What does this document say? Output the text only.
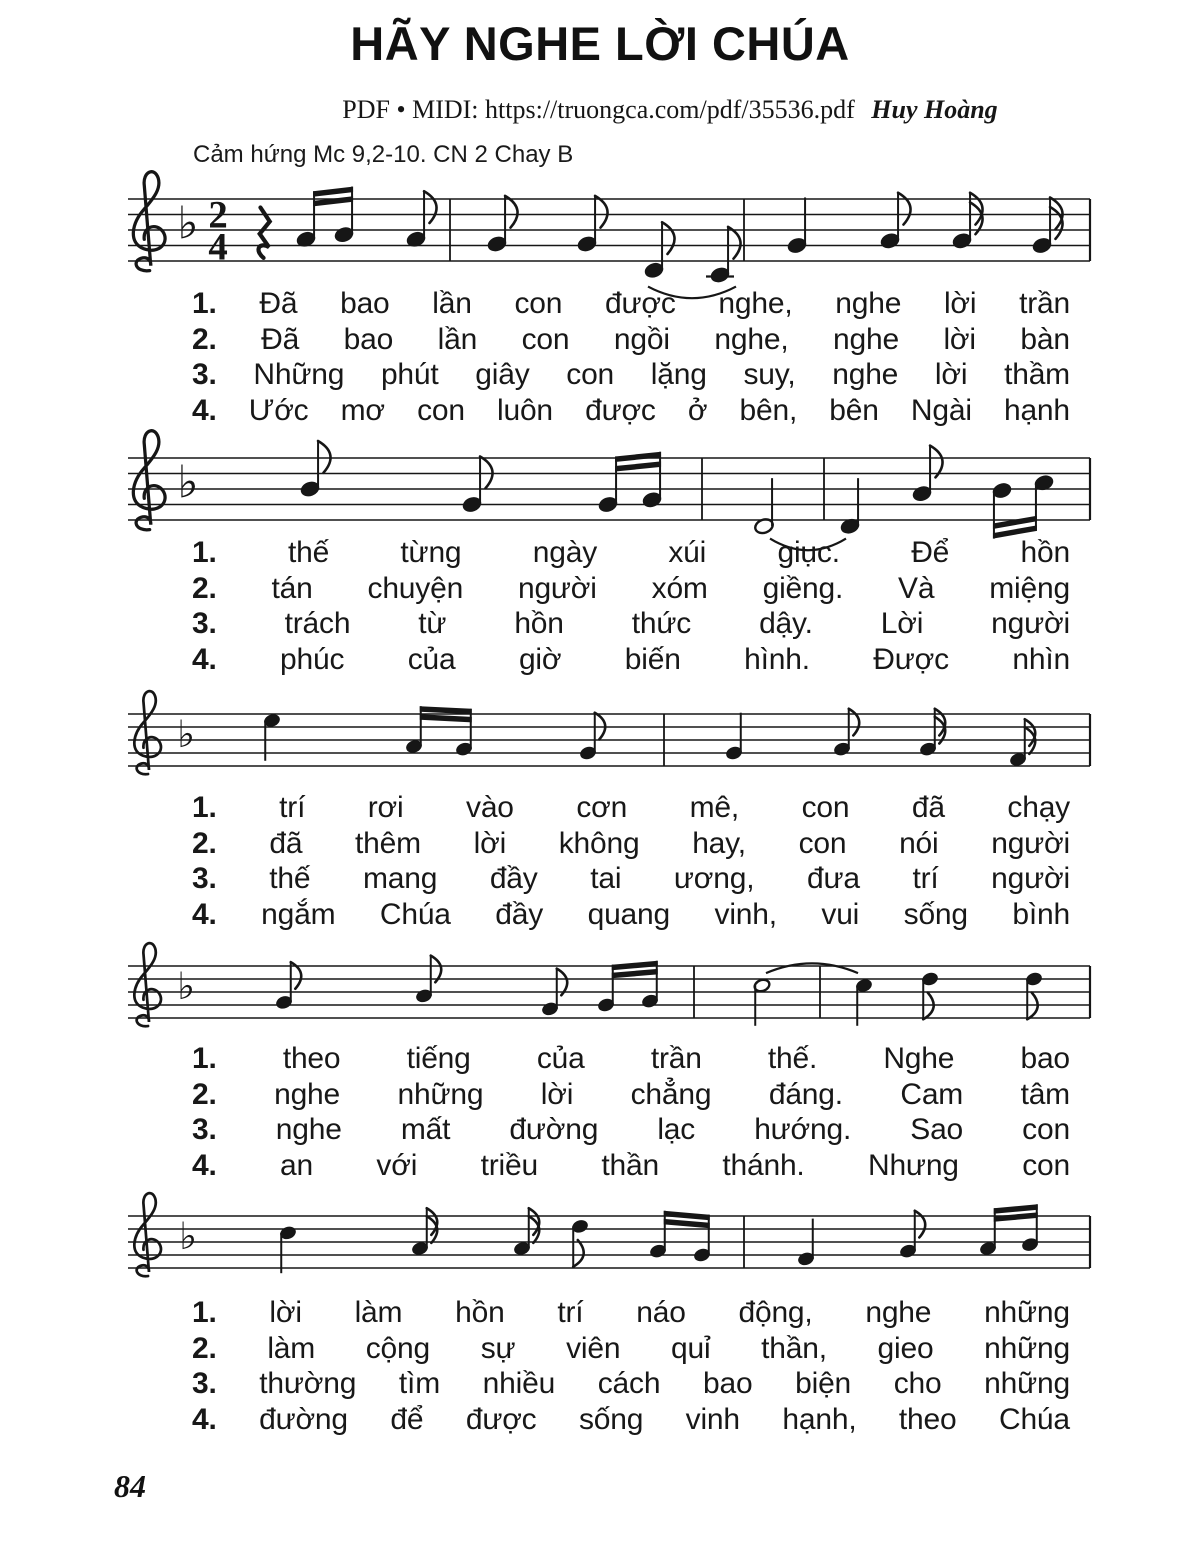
HÃY NGHE LỜI CHÚA
PDF • MIDI: https://truongca.com/pdf/35536.pdf Huy Hoàng
Cảm hứng Mc 9,2-10. CN 2 Chay B
♭ 2
4
♭
♭
♭
♭
84
1. Đã bao lần con được nghe, nghe lời trần
2. Đã bao lần con ngồi nghe, nghe lời bàn
3. Những phút giây con lặng suy, nghe lời thầm
4. Ước mơ con luôn được ở bên, bên Ngài hạnh
1. thế từng ngày xúi giục. Để hồn
2. tán chuyện người xóm giềng. Và miệng
3. trách từ hồn thức dậy. Lời người
4. phúc của giờ biến hình. Được nhìn
1. trí rơi vào cơn mê, con đã chạy
2. đã thêm lời không hay, con nói người
3. thế mang đầy tai ương, đưa trí người
4. ngắm Chúa đầy quang vinh, vui sống bình
1. theo tiếng của trần thế. Nghe bao
2. nghe những lời chẳng đáng. Cam tâm
3. nghe mất đường lạc hướng. Sao con
4. an với triều thần thánh. Nhưng con
1. lời làm hồn trí náo động, nghe những
2. làm cộng sự viên quỉ thần, gieo những
3. thường tìm nhiều cách bao biện cho những
4. đường để được sống vinh hạnh, theo Chúa
